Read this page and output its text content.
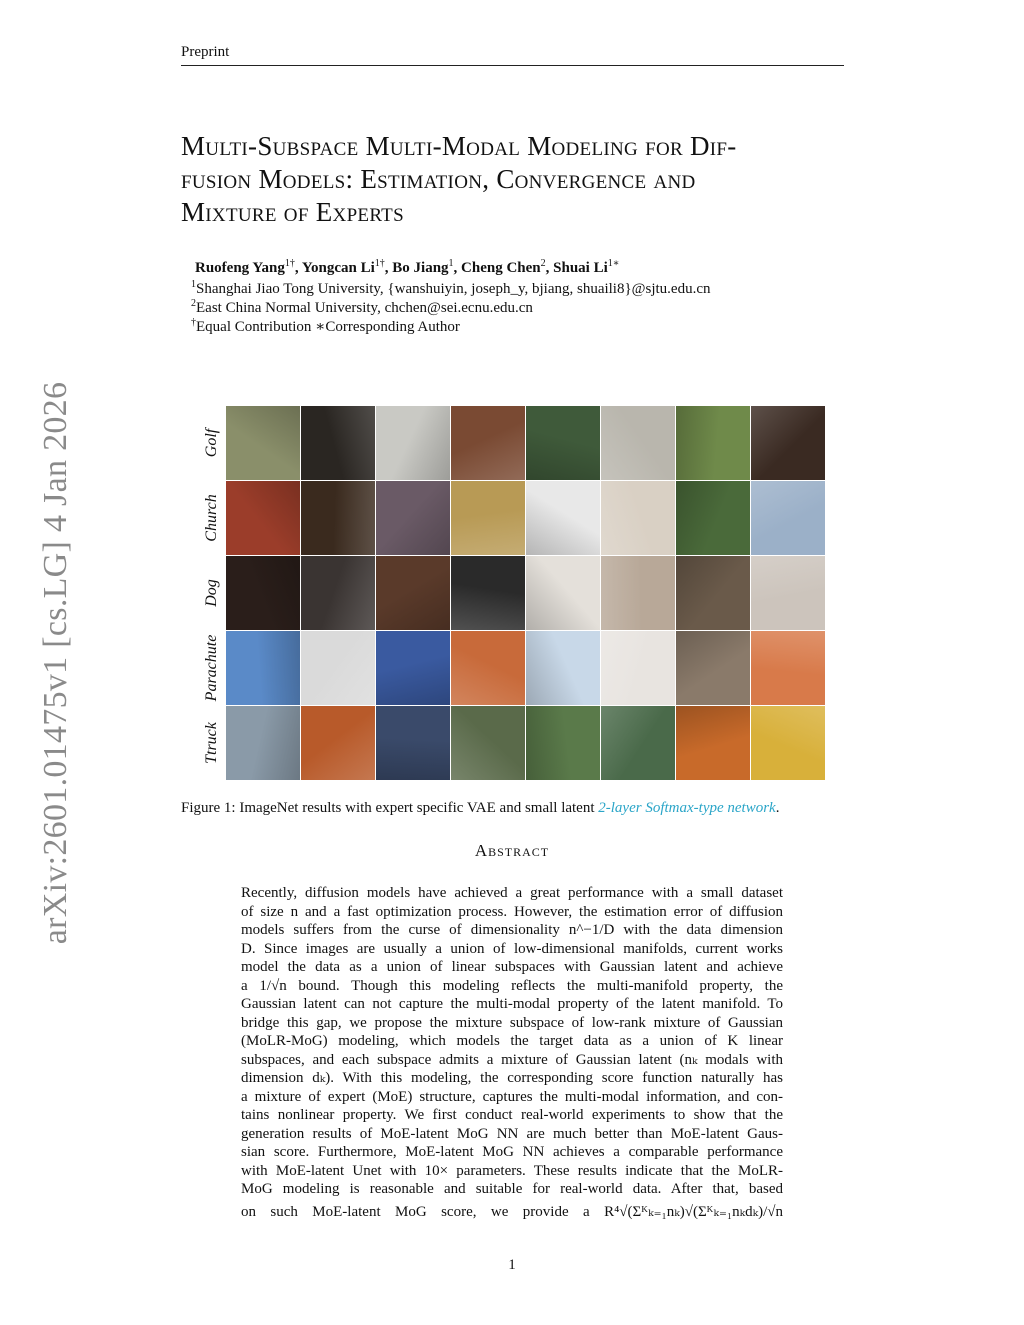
Preprint
arXiv:2601.01475v1 [cs.LG] 4 Jan 2026
Multi-Subspace Multi-Modal Modeling for Dif-
fusion Models: Estimation, Convergence and
Mixture of Experts
Ruofeng Yang$^{1\dagger}$, Yongcan $Li^{1\dagger}$, Bo Jiang$^1$, Cheng Chen$^2$, Shuai $Li^{1∗}$
$^1$Shanghai Jiao Tong University, {wanshuiyin, joseph_y, bjiang, shuaili8}@sjtu.edu.cn
$^2$East China Normal University, chchen@sei.ecnu.edu.cn
†Equal Contribution ∗Corresponding Author
Golf
Church
Dog
Parachute
Ttruck
Figure 1: ImageNet results with expert specific VAE and small latent 2-layer Softmax-type network.
Abstract
Recently, diffusion models have achieved a great performance with a small dataset
of size n and a fast optimization process. However, the estimation error of diffusion
models suffers from the curse of dimensionality n^−1/D with the data dimension
D. Since images are usually a union of low-dimensional manifolds, current works
model the data as a union of linear subspaces with Gaussian latent and achieve
a 1/√n bound. Though this modeling reflects the multi-manifold property, the
Gaussian latent can not capture the multi-modal property of the latent manifold. To
bridge this gap, we propose the mixture subspace of low-rank mixture of Gaussian
(MoLR-MoG) modeling, which models the target data as a union of K linear
subspaces, and each subspace admits a mixture of Gaussian latent (nₖ modals with
dimension dₖ). With this modeling, the corresponding score function naturally has
a mixture of expert (MoE) structure, captures the multi-modal information, and con-
tains nonlinear property. We first conduct real-world experiments to show that the
generation results of MoE-latent MoG NN are much better than MoE-latent Gaus-
sian score. Furthermore, MoE-latent MoG NN achieves a comparable performance
with MoE-latent Unet with 10× parameters. These results indicate that the MoLR-
MoG modeling is reasonable and suitable for real-world data. After that, based
on such MoE-latent MoG score, we provide a R⁴√(Σᴷₖ₌₁nₖ)√(Σᴷₖ₌₁nₖdₖ)/√n
1
